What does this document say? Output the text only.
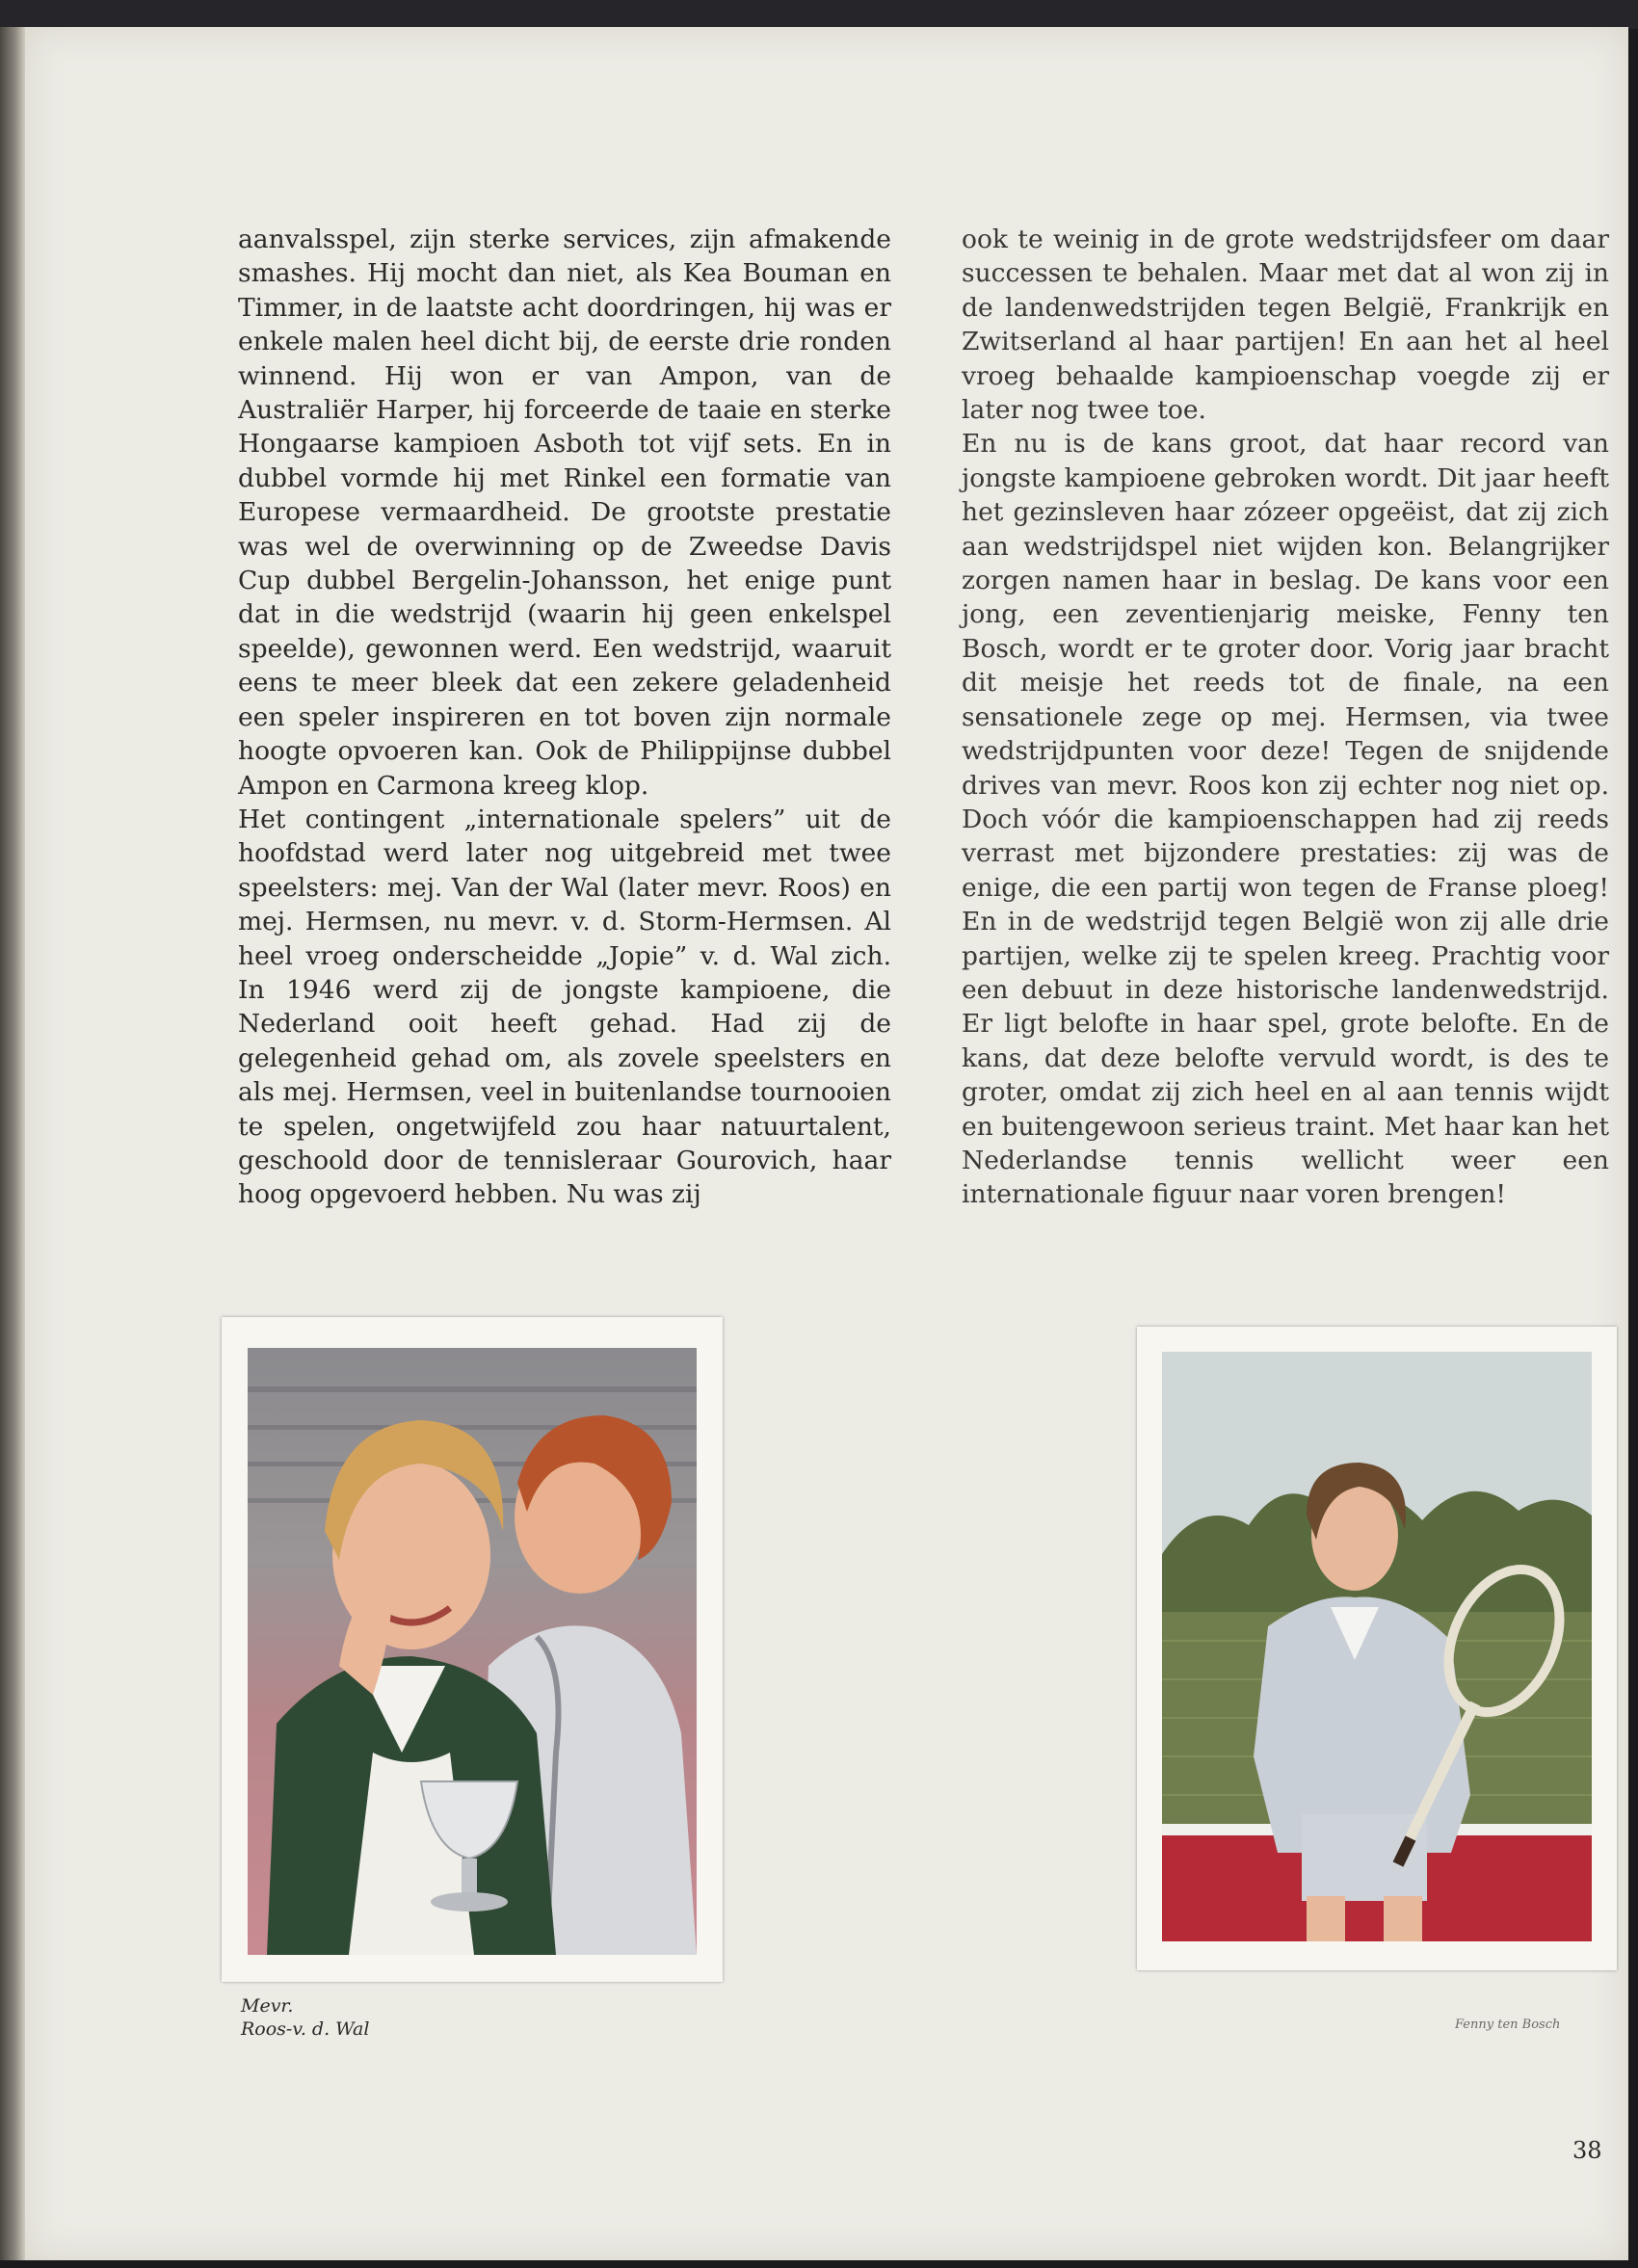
aanvalsspel, zijn sterke services, zijn afmakende smashes. Hij mocht dan niet, als Kea Bouman en Timmer, in de laatste acht doordringen, hij was er enkele malen heel dicht bij, de eerste drie ronden winnend. Hij won er van Ampon, van de Australiër Harper, hij forceerde de taaie en sterke Hongaarse kampioen Asboth tot vijf sets. En in dubbel vormde hij met Rinkel een formatie van Europese vermaardheid. De grootste prestatie was wel de overwinning op de Zweedse Davis Cup dubbel Bergelin-Johansson, het enige punt dat in die wedstrijd (waarin hij geen enkelspel speelde), gewonnen werd. Een wedstrijd, waaruit eens te meer bleek dat een zekere geladenheid een speler inspireren en tot boven zijn normale hoogte opvoeren kan. Ook de Philippijnse dubbel Ampon en Carmona kreeg klop.

Het contingent „internationale spelers” uit de hoofdstad werd later nog uitgebreid met twee speelsters: mej. Van der Wal (later mevr. Roos) en mej. Hermsen, nu mevr. v. d. Storm-Hermsen. Al heel vroeg onderscheidde „Jopie” v. d. Wal zich. In 1946 werd zij de jongste kampioene, die Nederland ooit heeft gehad. Had zij de gelegenheid gehad om, als zovele speelsters en als mej. Hermsen, veel in buitenlandse tournooien te spelen, ongetwijfeld zou haar natuurtalent, geschoold door de tennisleraar Gourovich, haar hoog opgevoerd hebben. Nu was zij

ook te weinig in de grote wedstrijdsfeer om daar successen te behalen. Maar met dat al won zij in de landenwedstrijden tegen België, Frankrijk en Zwitserland al haar partijen! En aan het al heel vroeg behaalde kampioenschap voegde zij er later nog twee toe.

En nu is de kans groot, dat haar record van jongste kampioene gebroken wordt. Dit jaar heeft het gezinsleven haar zózeer opgeëist, dat zij zich aan wedstrijdspel niet wijden kon. Belangrijker zorgen namen haar in beslag. De kans voor een jong, een zeventienjarig meiske, Fenny ten Bosch, wordt er te groter door. Vorig jaar bracht dit meisje het reeds tot de finale, na een sensationele zege op mej. Hermsen, via twee wedstrijdpunten voor deze! Tegen de snijdende drives van mevr. Roos kon zij echter nog niet op. Doch vóór die kampioenschappen had zij reeds verrast met bijzondere prestaties: zij was de enige, die een partij won tegen de Franse ploeg! En in de wedstrijd tegen België won zij alle drie partijen, welke zij te spelen kreeg. Prachtig voor een debuut in deze historische landenwedstrijd. Er ligt belofte in haar spel, grote belofte. En de kans, dat deze belofte vervuld wordt, is des te groter, omdat zij zich heel en al aan tennis wijdt en buitengewoon serieus traint. Met haar kan het Nederlandse tennis wellicht weer een internationale figuur naar voren brengen!

Mevr.
Roos-v. d. Wal	Fenny ten Bosch
38
